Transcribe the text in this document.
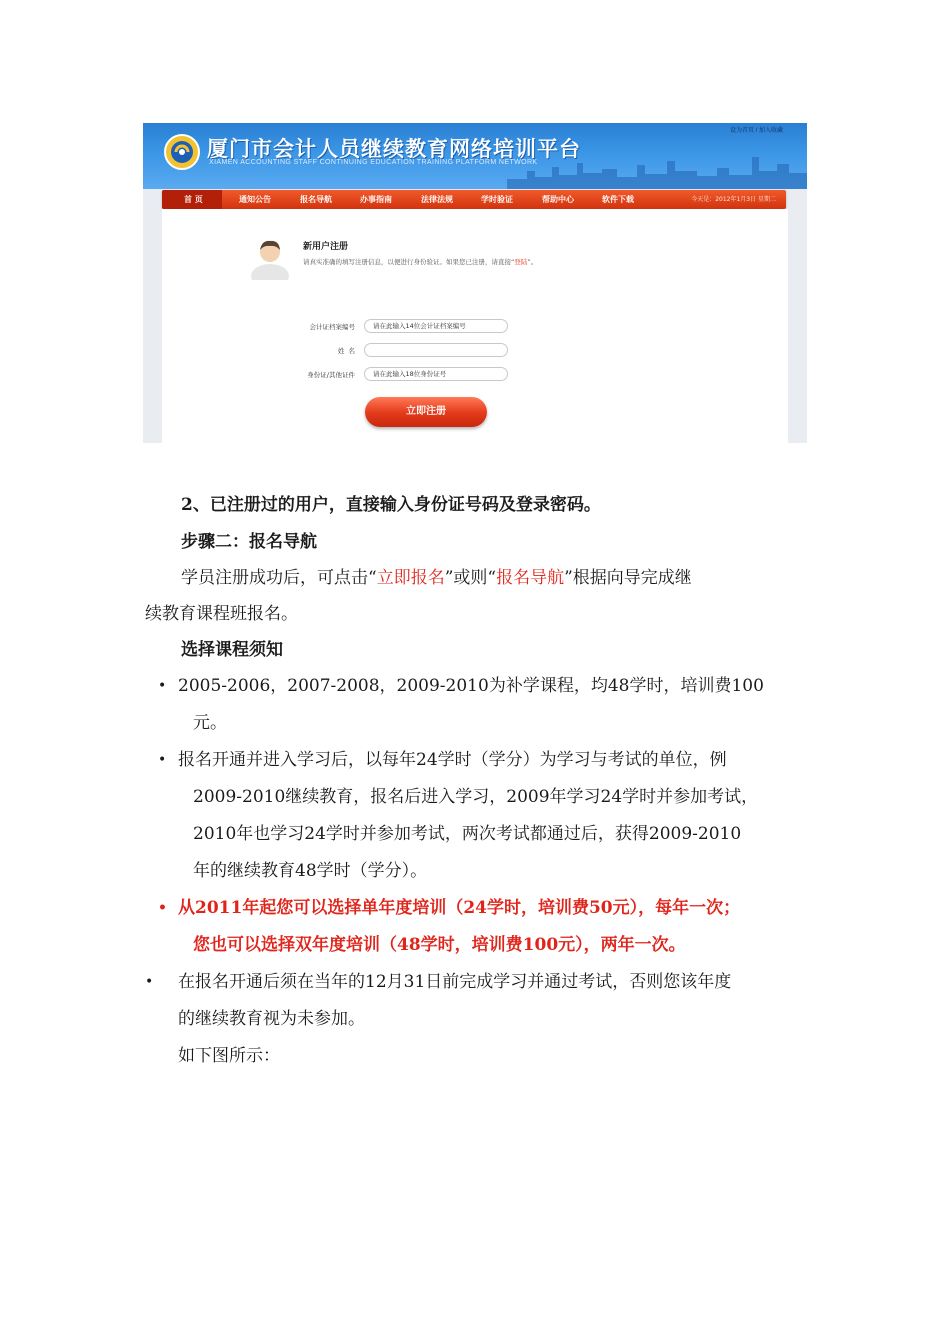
设为首页 / 加入收藏
厦门市会计人员继续教育网络培训平台
XIAMEN ACCOUNTING STAFF CONTINUING EDUCATION TRAINING PLATFORM NETWORK
首 页	通知公告	报名导航	办事指南	法律法规	学时验证	帮助中心	软件下载	今天是：2012年1月3日 星期二
新用户注册
请真实准确的填写注册信息，以便进行身份验证。如果您已注册，请直接“登陆”。
会计证档案编号	请在此输入14位会计证档案编号
姓  名
身份证/其他证件	请在此输入18位身份证号
立即注册
2、已注册过的用户，直接输入身份证号码及登录密码。
步骤二：报名导航
学员注册成功后，可点击“立即报名”或则“报名导航”根据向导完成继
续教育课程班报名。
选择课程须知
• 2005-2006，2007-2008，2009-2010为补学课程，均48学时，培训费100
元。
• 报名开通并进入学习后，以每年24学时（学分）为学习与考试的单位，例
2009-2010继续教育，报名后进入学习，2009年学习24学时并参加考试，
2010年也学习24学时并参加考试，两次考试都通过后，获得2009-2010
年的继续教育48学时（学分）。
• 从2011年起您可以选择单年度培训（24学时，培训费50元），每年一次；
您也可以选择双年度培训（48学时，培训费100元），两年一次。
• 在报名开通后须在当年的12月31日前完成学习并通过考试，否则您该年度
的继续教育视为未参加。
如下图所示：
